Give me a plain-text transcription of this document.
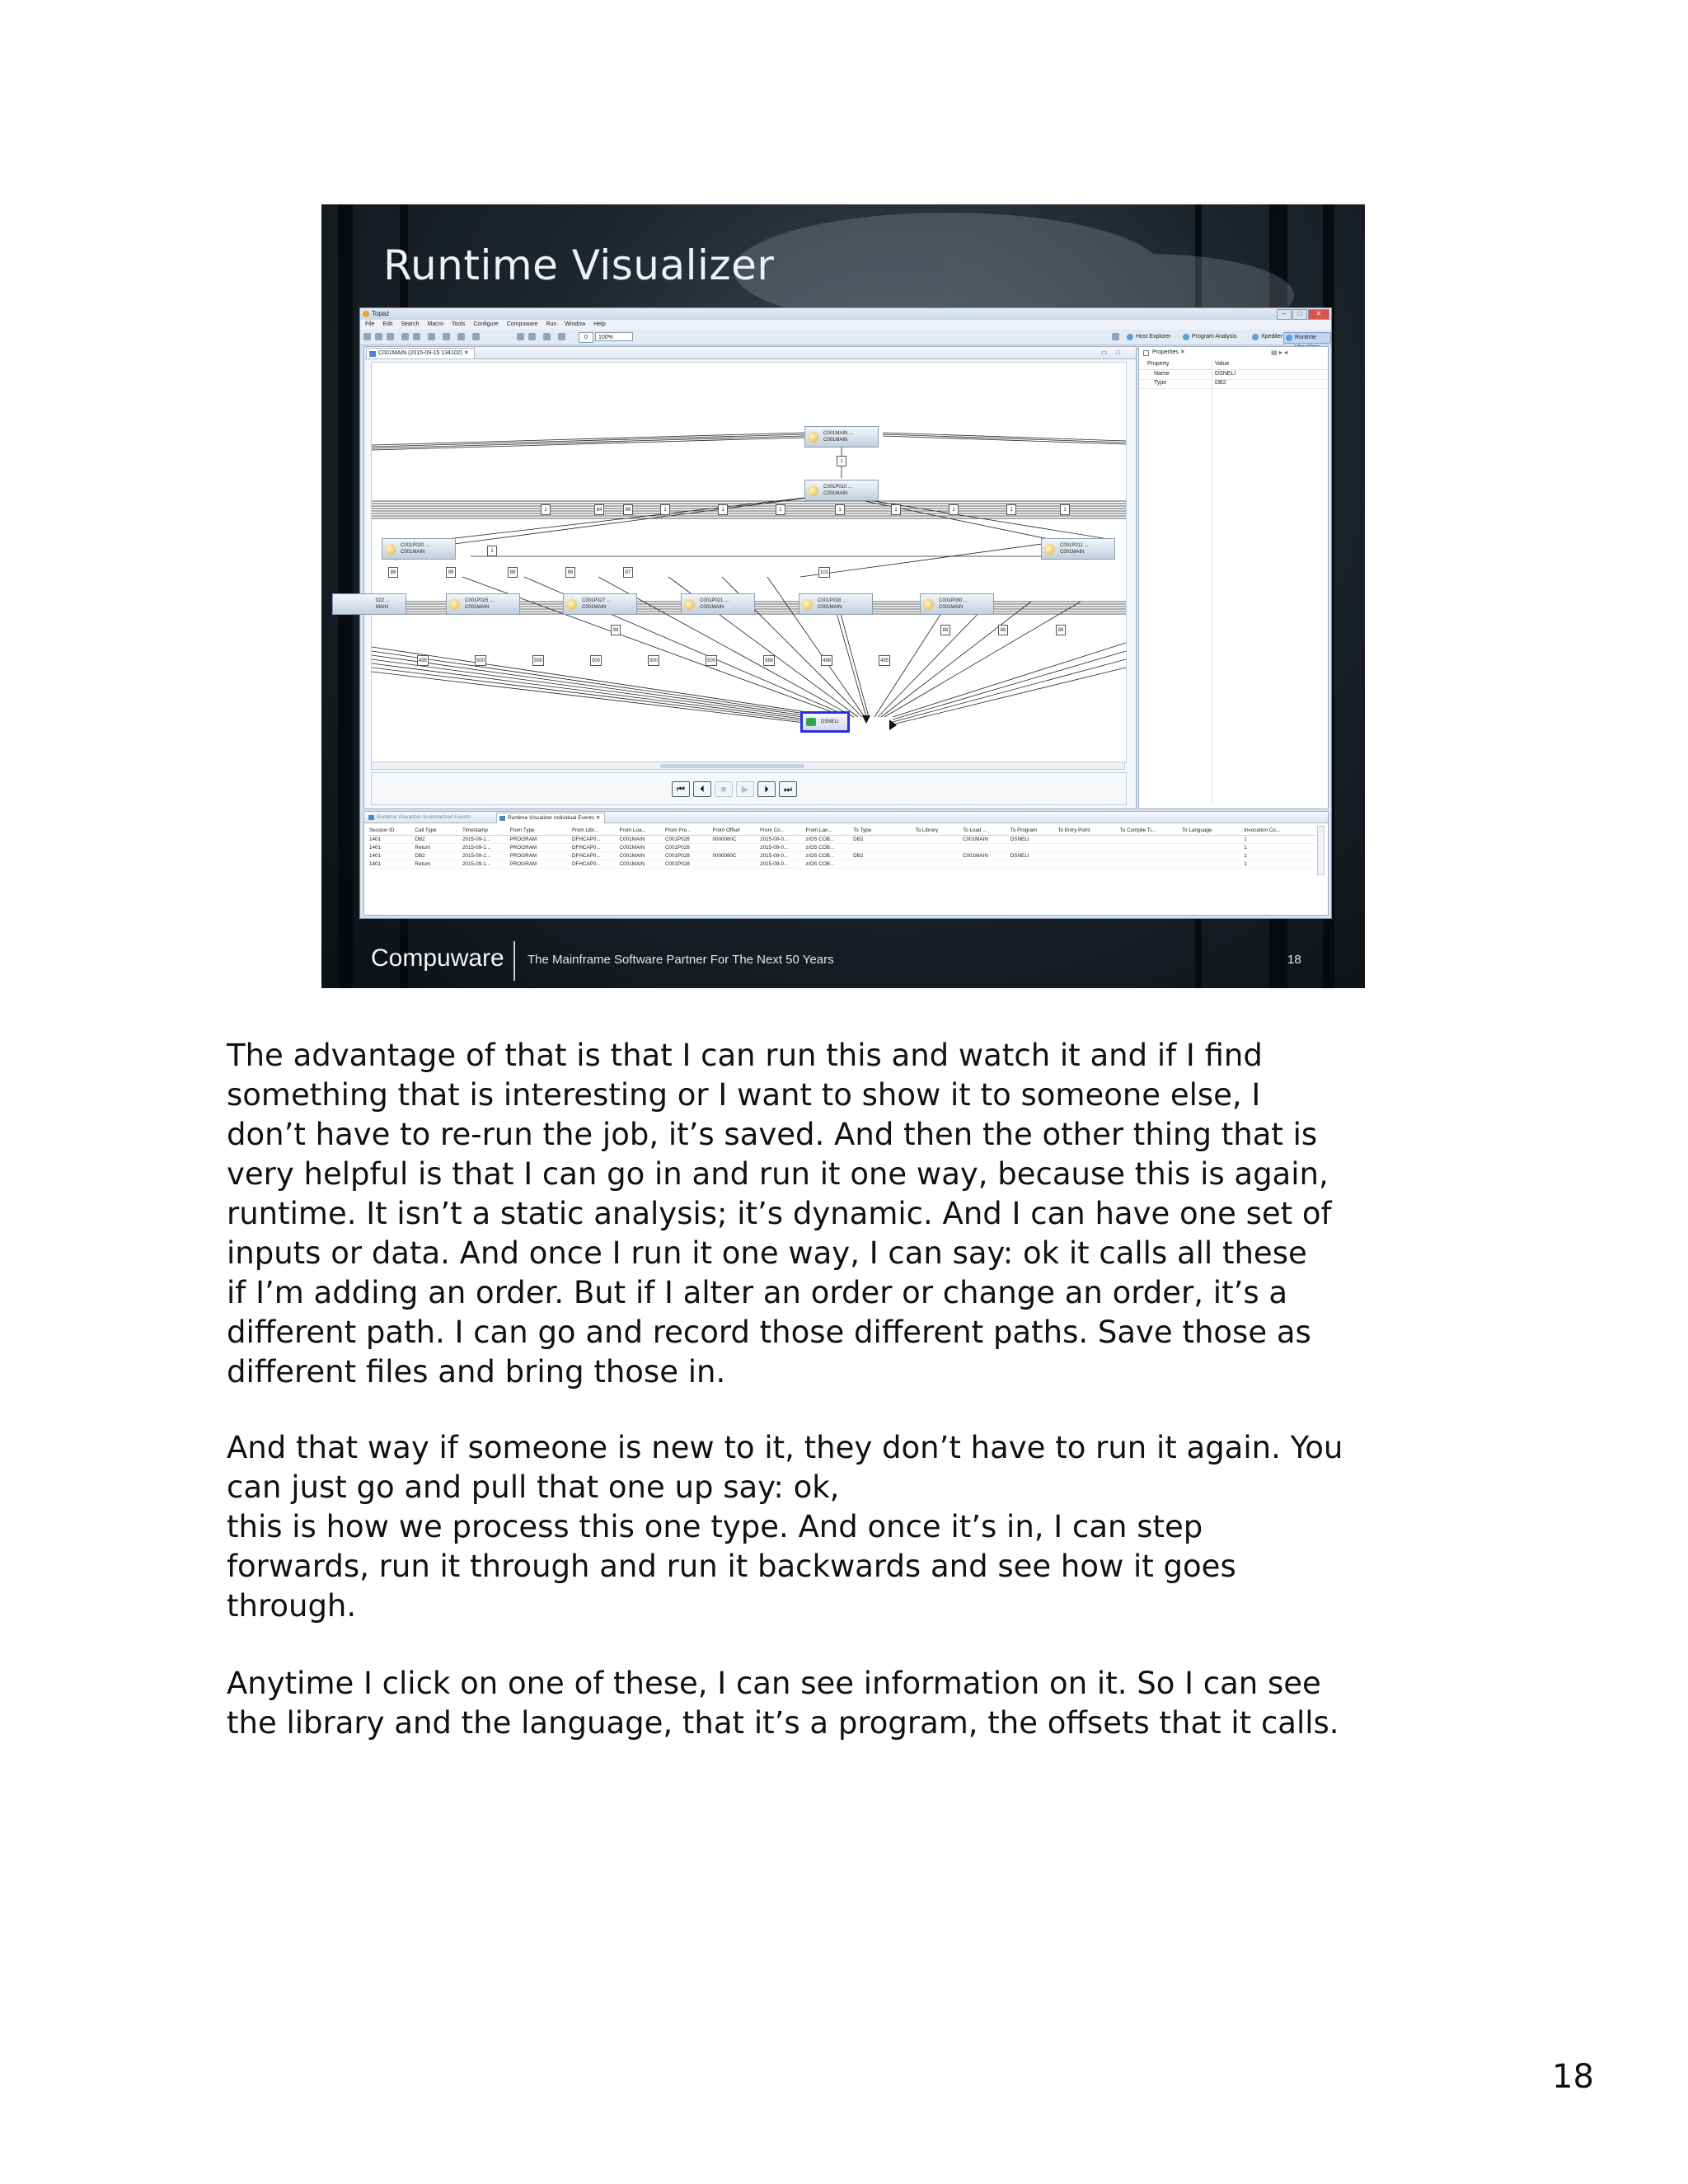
Runtime Visualizer
Topaz	–	□	✕
File Edit Search Macro Tools Configure Compuware Run Window Help
0	100%	Host Explorer	Program Analysis	Xpediter	Runtime
C001MAIN (2015-09-15 134102) ✕	▭ □
C001MAIN ...
C001MAIN
C001P010 ...
C001MAIN
C001P020 ...
C001MAIN
C001P011 ...
C001MAIN
022 ...
MAIN
C001P025 ...
C001MAIN
C001P027 ...
C001MAIN
C001P021 ...
C001MAIN
C001P028 ...
C001MAIN
C001P030 ...
C001MAIN
DSNELI
1
1	84	88	1	1	1	1	1	1	1	1
88	99	88	88	87	101
1
99	88	88	88
495	500	500	500	500	500	588	498	495
⏮	⏴	■	▶	⏵	⏭
Properties ✕	▤ ▸ ◂
Property	Value
Name	DSNELI
Type	DB2
Runtime Visualizer Summarized Events	Runtime Visualizer Individual Events ✕
Session ID	Call Type	Timestamp	From Type	From Libr...	From Loa...	From Pro...	From Offset	From Co...	From Lan...	To Type	To Library	To Load ...	To Program	To Entry Point	To Compile Ti...	To Language	Invocation Co...
1401	DB2	2015-09-1...	PROGRAM	DFHCAP0...	C001MAIN	C001P028	0000080C	2015-09-0...	z/OS COB...	DB2		C001MAIN	DSNELI				1
1401	Return	2015-09-1...	PROGRAM	DFHCAP0...	C001MAIN	C001P028		2015-09-0...	z/OS COB...								1
1401	DB2	2015-09-1...	PROGRAM	DFHCAP0...	C001MAIN	C001P028	0000080C	2015-09-0...	z/OS COB...	DB2		C001MAIN	DSNELI				1
1401	Return	2015-09-1...	PROGRAM	DFHCAP0...	C001MAIN	C001P028		2015-09-0...	z/OS COB...								1
Compuware The Mainframe Software Partner For The Next 50 Years	18

The advantage of that is that I can run this and watch it and if I find
something that is interesting or I want to show it to someone else, I
don’t have to re-run the job, it’s saved. And then the other thing that is
very helpful is that I can go in and run it one way, because this is again,
runtime. It isn’t a static analysis; it’s dynamic. And I can have one set of
inputs or data. And once I run it one way, I can say: ok it calls all these
if I’m adding an order. But if I alter an order or change an order, it’s a
different path. I can go and record those different paths. Save those as
different files and bring those in.

And that way if someone is new to it, they don’t have to run it again. You
can just go and pull that one up say: ok,
this is how we process this one type. And once it’s in, I can step
forwards, run it through and run it backwards and see how it goes
through.

Anytime I click on one of these, I can see information on it. So I can see
the library and the language, that it’s a program, the offsets that it calls.

18
